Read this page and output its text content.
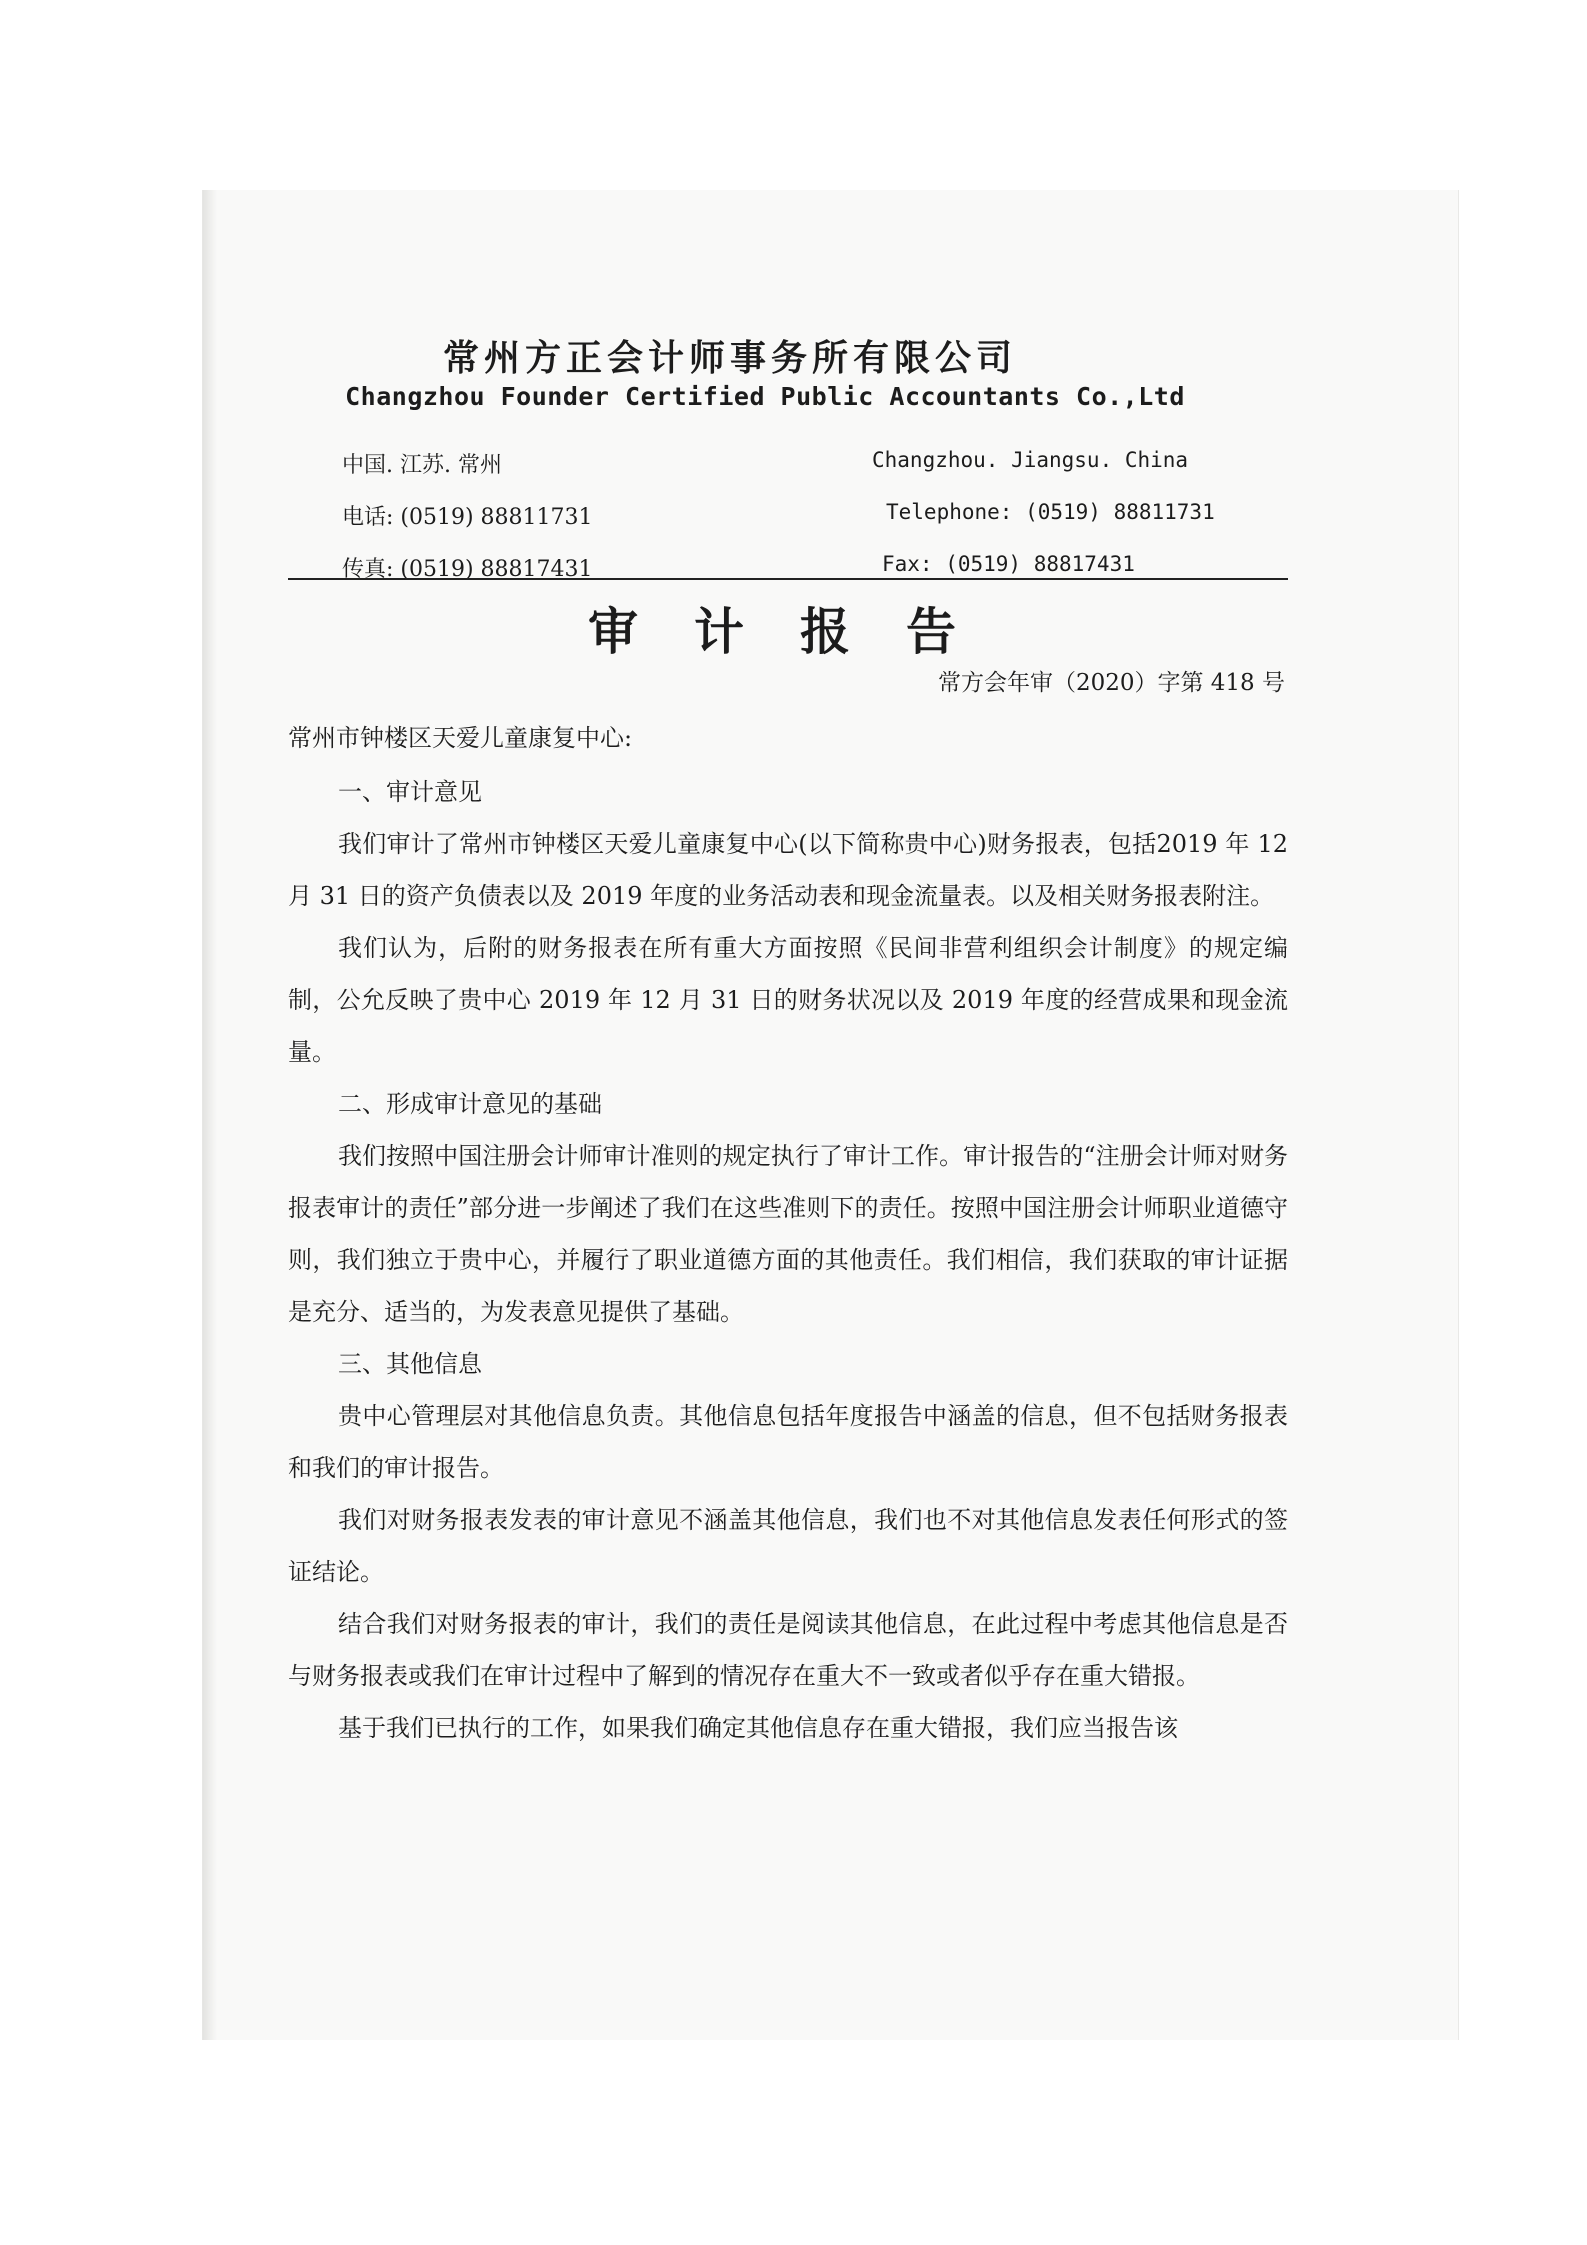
常州方正会计师事务所有限公司
Changzhou Founder Certified Public Accountants Co.,Ltd
中国. 江苏. 常州	Changzhou. Jiangsu. China
电话: (0519) 88811731	Telephone: (0519) 88811731
传真: (0519) 88817431	Fax: (0519) 88817431
审计报告
常方会年审（2020）字第 418 号
常州市钟楼区天爱儿童康复中心:

一、审计意见

我们审计了常州市钟楼区天爱儿童康复中心(以下简称贵中心)财务报表，包括2019 年 12 月 31 日的资产负债表以及 2019 年度的业务活动表和现金流量表。以及相关财务报表附注。

我们认为，后附的财务报表在所有重大方面按照《民间非营利组织会计制度》的规定编制，公允反映了贵中心 2019 年 12 月 31 日的财务状况以及 2019 年度的经营成果和现金流量。

二、形成审计意见的基础

我们按照中国注册会计师审计准则的规定执行了审计工作。审计报告的“注册会计师对财务报表审计的责任”部分进一步阐述了我们在这些准则下的责任。按照中国注册会计师职业道德守则，我们独立于贵中心，并履行了职业道德方面的其他责任。我们相信，我们获取的审计证据是充分、适当的，为发表意见提供了基础。

三、其他信息

贵中心管理层对其他信息负责。其他信息包括年度报告中涵盖的信息，但不包括财务报表和我们的审计报告。

我们对财务报表发表的审计意见不涵盖其他信息，我们也不对其他信息发表任何形式的签证结论。

结合我们对财务报表的审计，我们的责任是阅读其他信息，在此过程中考虑其他信息是否与财务报表或我们在审计过程中了解到的情况存在重大不一致或者似乎存在重大错报。

基于我们已执行的工作，如果我们确定其他信息存在重大错报，我们应当报告该
